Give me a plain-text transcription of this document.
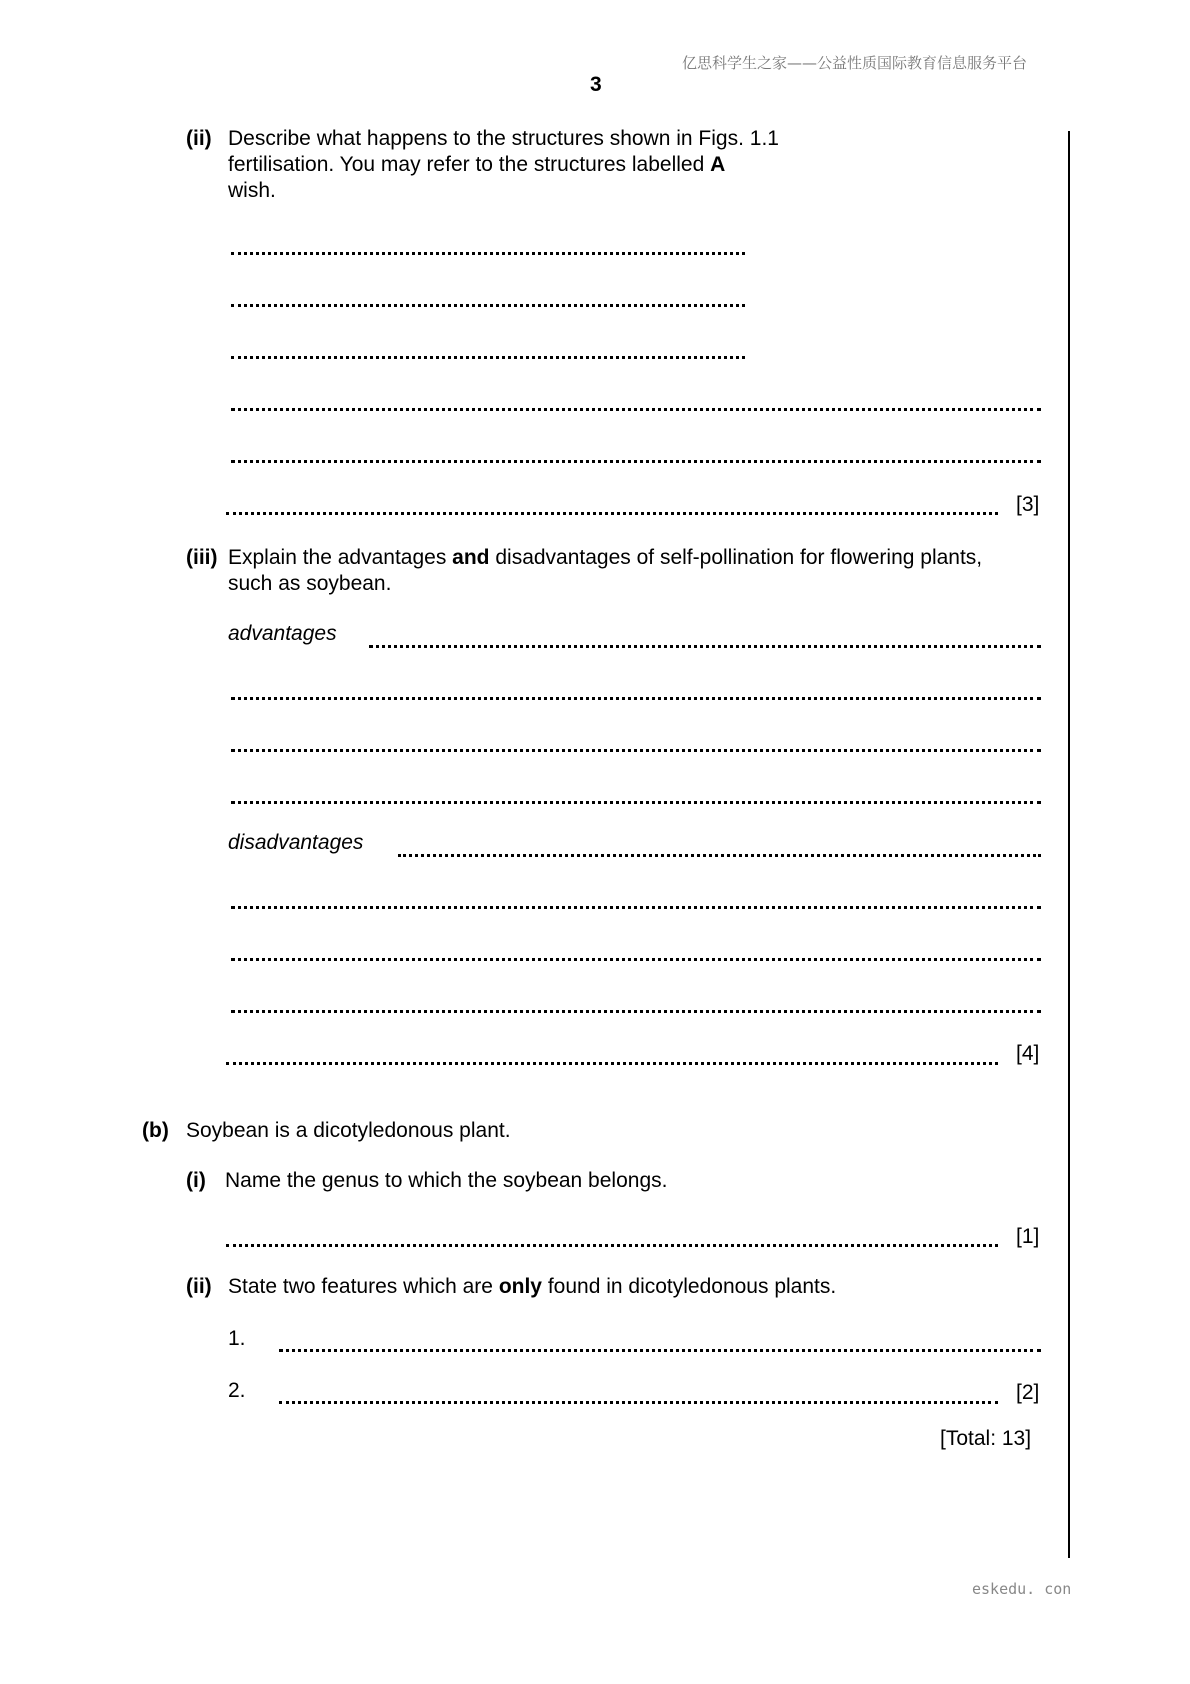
亿思科学生之家——公益性质国际教育信息服务平台
3
(ii) Describe what happens to the structures shown in Figs. 1.1
fertilisation. You may refer to the structures labelled A
wish.
[3]
(iii) Explain the advantages and disadvantages of self-pollination for flowering plants,
such as soybean.
advantages
disadvantages
[4]
(b) Soybean is a dicotyledonous plant.
(i) Name the genus to which the soybean belongs.
[1]
(ii) State two features which are only found in dicotyledonous plants.
1.
2.	[2]
[Total: 13]
eskedu. con
